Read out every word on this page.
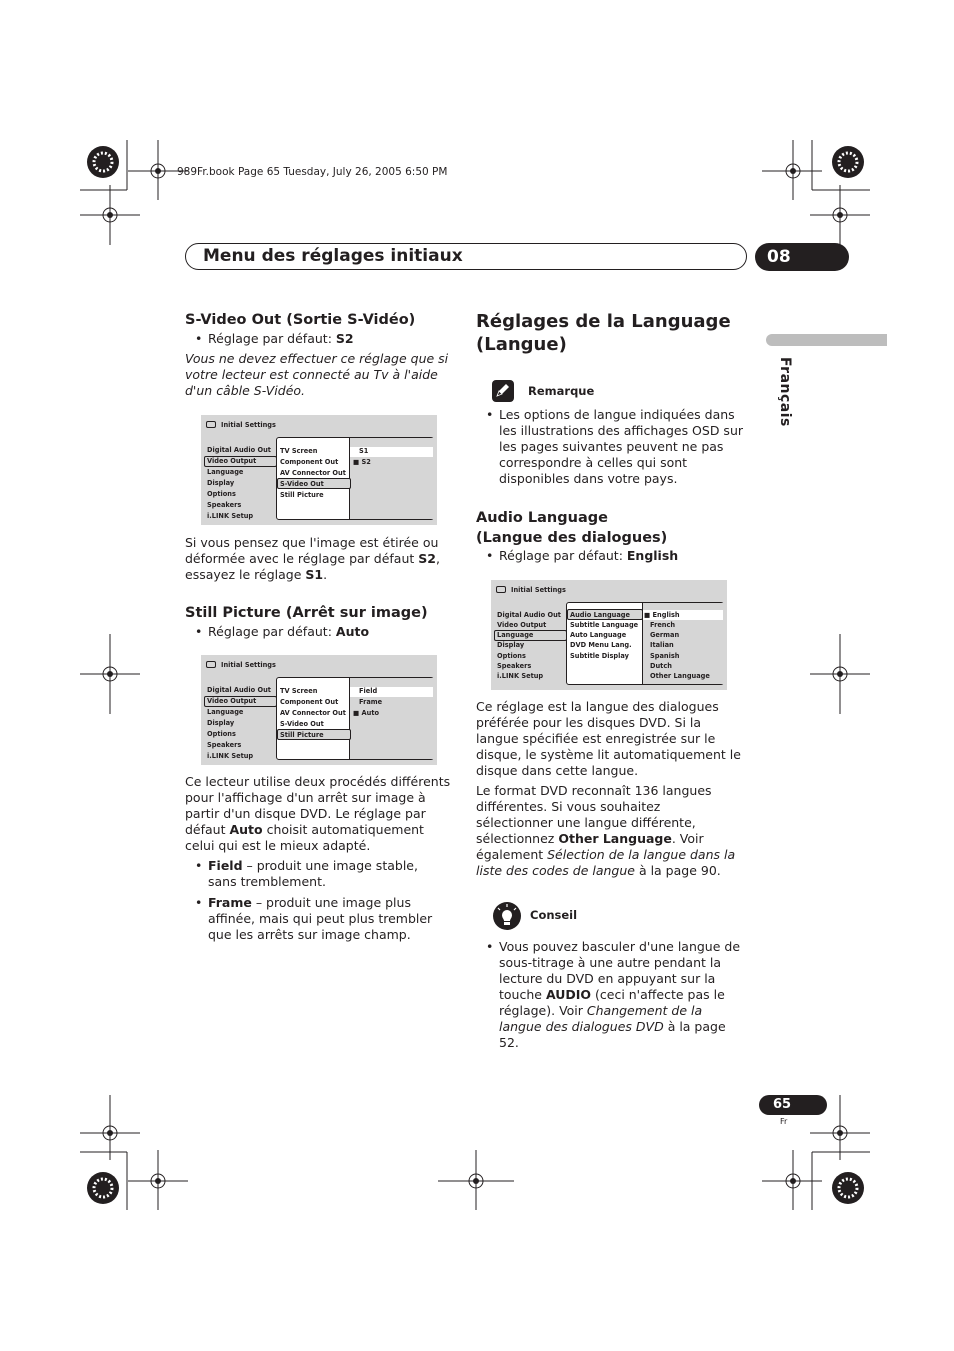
989Fr.book Page 65 Tuesday, July 26, 2005 6:50 PM
Menu des réglages initiaux	08
Français
S-Video Out (Sortie S-Vidéo)
• Réglage par défaut: S2
Vous ne devez effectuer ce réglage que si votre lecteur est connecté au Tv à l'aide d'un câble S-Vidéo.
Initial Settings
Digital Audio Out
Video Output
Language
Display
Options
Speakers
i.LINK Setup
TV Screen
Component Out
AV Connector Out
S-Video Out
Still Picture
S1
■ S2
Si vous pensez que l'image est étirée ou déformée avec le réglage par défaut S2, essayez le réglage S1.
Still Picture (Arrêt sur image)
• Réglage par défaut: Auto
Initial Settings
Digital Audio Out
Video Output
Language
Display
Options
Speakers
i.LINK Setup
TV Screen
Component Out
AV Connector Out
S-Video Out
Still Picture
Field
Frame
■ Auto
Ce lecteur utilise deux procédés différents pour l'affichage d'un arrêt sur image à partir d'un disque DVD. Le réglage par défaut Auto choisit automatiquement celui qui est le mieux adapté.
• Field – produit une image stable, sans tremblement.
• Frame – produit une image plus affinée, mais qui peut plus trembler que les arrêts sur image champ.
Réglages de la Language
(Langue)
Remarque
• Les options de langue indiquées dans les illustrations des affichages OSD sur les pages suivantes peuvent ne pas correspondre à celles qui sont disponibles dans votre pays.
Audio Language
(Langue des dialogues)
• Réglage par défaut: English
Initial Settings
Digital Audio Out
Video Output
Language
Display
Options
Speakers
i.LINK Setup
Audio Language
Subtitle Language
Auto Language
DVD Menu Lang.
Subtitle Display
■ English
French
German
Italian
Spanish
Dutch
Other Language
Ce réglage est la langue des dialogues préférée pour les disques DVD. Si la langue spécifiée est enregistrée sur le disque, le système lit automatiquement le disque dans cette langue.
Le format DVD reconnaît 136 langues différentes. Si vous souhaitez sélectionner une langue différente, sélectionnez Other Language. Voir également Sélection de la langue dans la liste des codes de langue à la page 90.
Conseil
• Vous pouvez basculer d'une langue de sous-titrage à une autre pendant la lecture du DVD en appuyant sur la touche AUDIO (ceci n'affecte pas le réglage). Voir Changement de la langue des dialogues DVD à la page 52.
65
Fr
